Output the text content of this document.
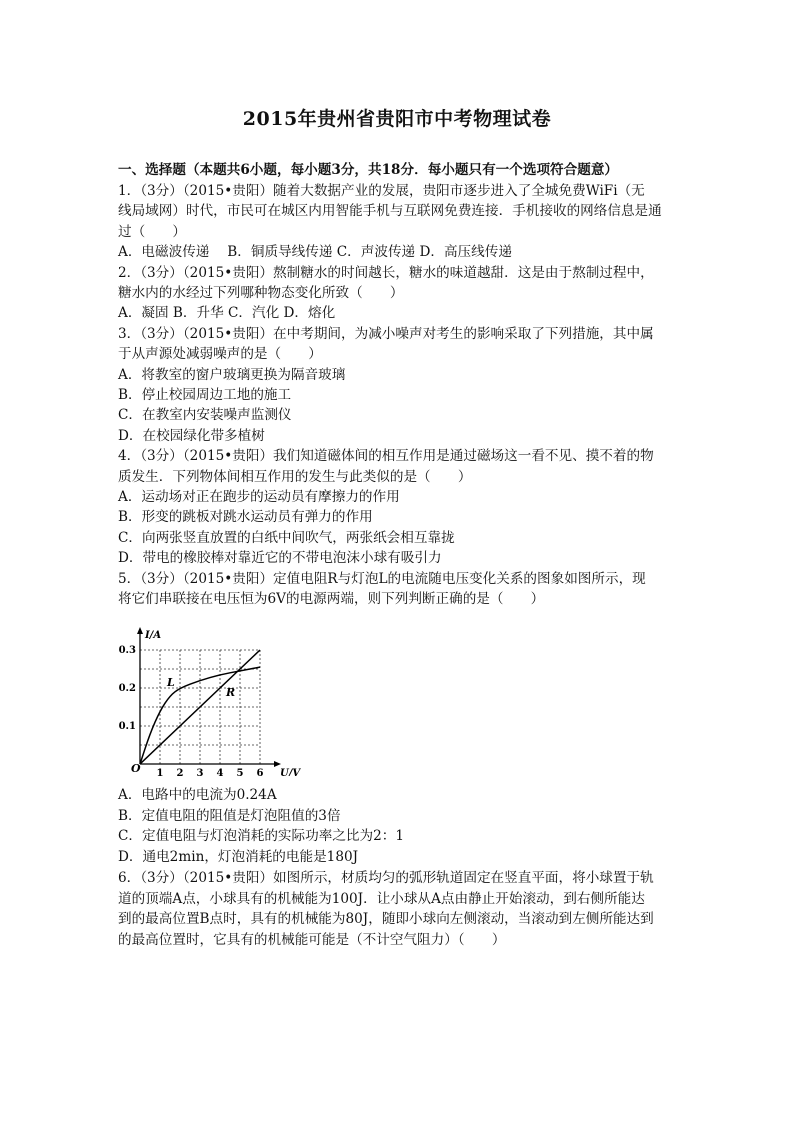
2015年贵州省贵阳市中考物理试卷
一、选择题（本题共6小题，每小题3分，共18分．每小题只有一个选项符合题意）
1．（3分）（2015•贵阳）随着大数据产业的发展，贵阳市逐步进入了全城免费WiFi（无
线局域网）时代，市民可在城区内用智能手机与互联网免费连接．手机接收的网络信息是通
过（　　）
A．电磁波传递　 B．铜质导线传递 C．声波传递 D．高压线传递
2．（3分）（2015•贵阳）熬制糖水的时间越长，糖水的味道越甜．这是由于熬制过程中，
糖水内的水经过下列哪种物态变化所致（　　）
A．凝固 B．升华 C．汽化 D．熔化
3．（3分）（2015•贵阳）在中考期间，为减小噪声对考生的影响采取了下列措施，其中属
于从声源处减弱噪声的是（　　）
A．将教室的窗户玻璃更换为隔音玻璃
B．停止校园周边工地的施工
C．在教室内安装噪声监测仪
D．在校园绿化带多植树
4．（3分）（2015•贵阳）我们知道磁体间的相互作用是通过磁场这一看不见、摸不着的物
质发生．下列物体间相互作用的发生与此类似的是（　　）
A．运动场对正在跑步的运动员有摩擦力的作用
B．形变的跳板对跳水运动员有弹力的作用
C．向两张竖直放置的白纸中间吹气，两张纸会相互靠拢
D．带电的橡胶棒对靠近它的不带电泡沫小球有吸引力
5．（3分）（2015•贵阳）定值电阻R与灯泡L的电流随电压变化关系的图象如图所示，现
将它们串联接在电压恒为6V的电源两端，则下列判断正确的是（　　）
1 2 3 4 5 6
0.1
0.2
0.3
O
I/A
U/V
L
R
A．电路中的电流为0.24A
B．定值电阻的阻值是灯泡阻值的3倍
C．定值电阻与灯泡消耗的实际功率之比为2：1
D．通电2min，灯泡消耗的电能是180J
6．（3分）（2015•贵阳）如图所示，材质均匀的弧形轨道固定在竖直平面，将小球置于轨
道的顶端A点，小球具有的机械能为100J．让小球从A点由静止开始滚动，到右侧所能达
到的最高位置B点时，具有的机械能为80J，随即小球向左侧滚动，当滚动到左侧所能达到
的最高位置时，它具有的机械能可能是（不计空气阻力）（　　）
